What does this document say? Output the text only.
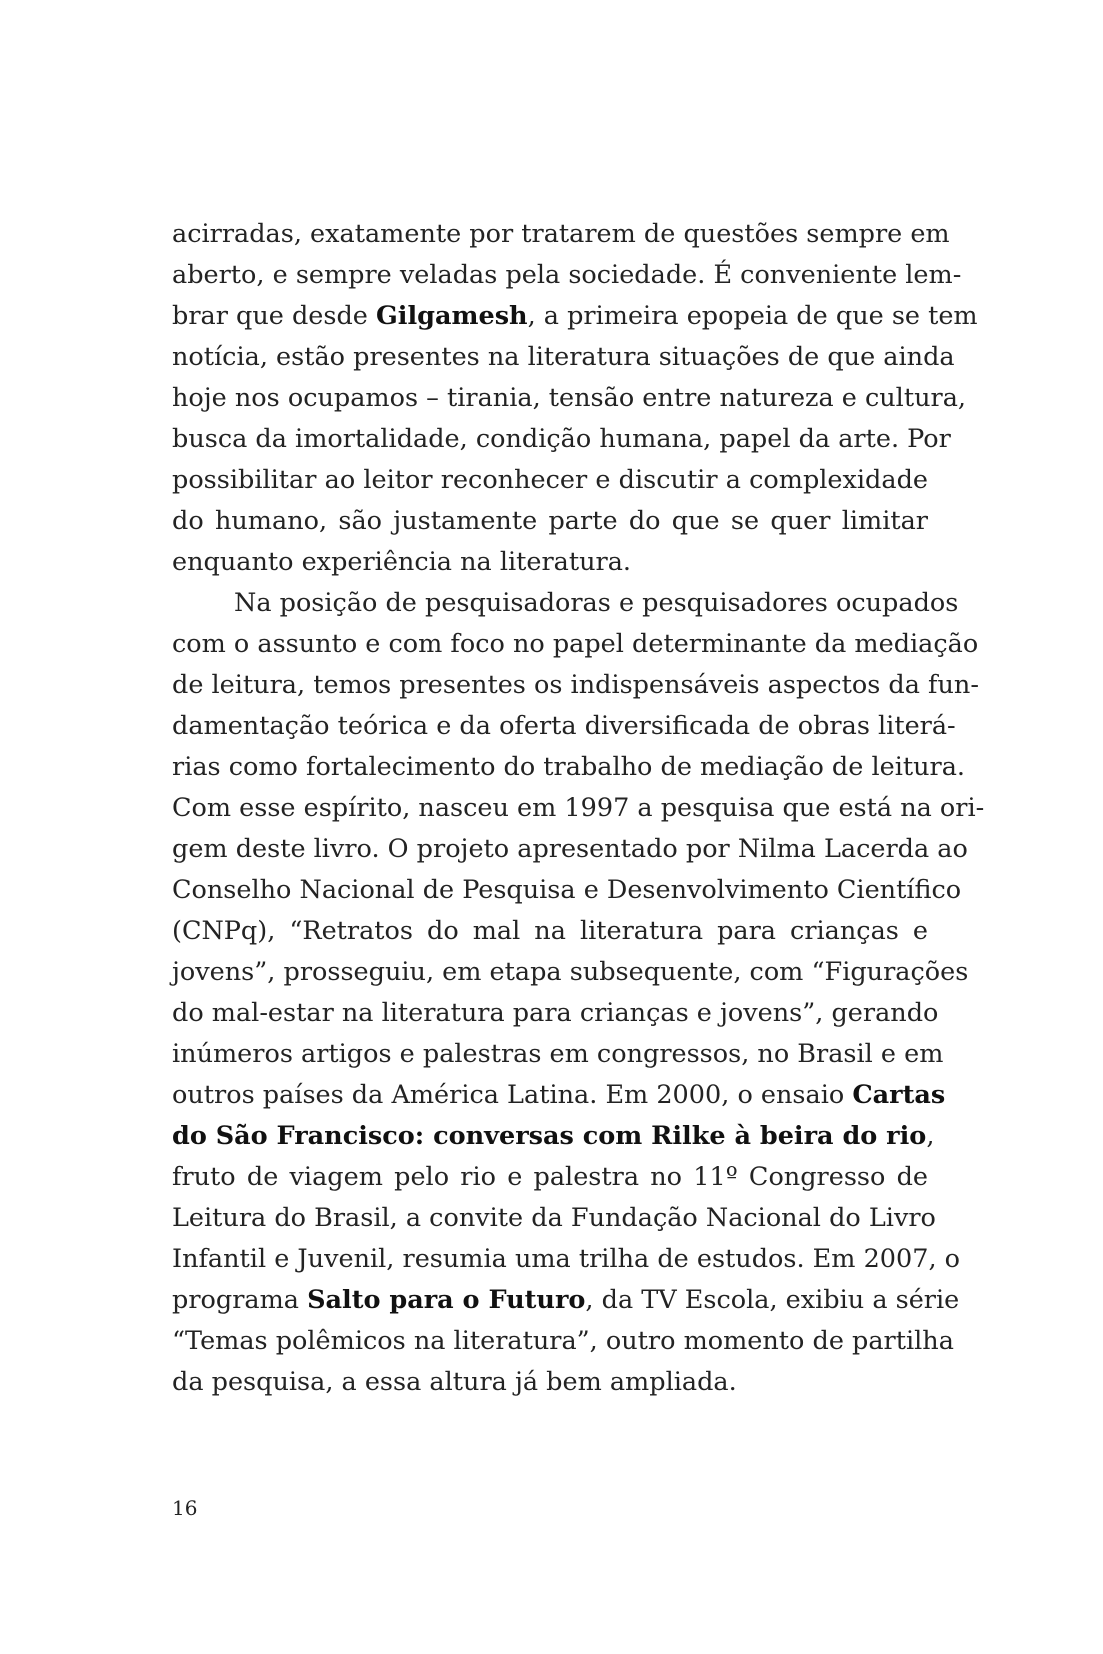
acirradas, exatamente por tratarem de questões sempre em
aberto, e sempre veladas pela sociedade. É conveniente lem-
brar que desde Gilgamesh, a primeira epopeia de que se tem
notícia, estão presentes na literatura situações de que ainda
hoje nos ocupamos – tirania, tensão entre natureza e cultura,
busca da imortalidade, condição humana, papel da arte. Por
possibilitar ao leitor reconhecer e discutir a complexidade
do humano, são justamente parte do que se quer limitar
enquanto experiência na literatura.
Na posição de pesquisadoras e pesquisadores ocupados
com o assunto e com foco no papel determinante da mediação
de leitura, temos presentes os indispensáveis aspectos da fun-
damentação teórica e da oferta diversificada de obras literá-
rias como fortalecimento do trabalho de mediação de leitura.
Com esse espírito, nasceu em 1997 a pesquisa que está na ori-
gem deste livro. O projeto apresentado por Nilma Lacerda ao
Conselho Nacional de Pesquisa e Desenvolvimento Científico
(CNPq), “Retratos do mal na literatura para crianças e
jovens”, prosseguiu, em etapa subsequente, com “Figurações
do mal-estar na literatura para crianças e jovens”, gerando
inúmeros artigos e palestras em congressos, no Brasil e em
outros países da América Latina. Em 2000, o ensaio Cartas
do São Francisco: conversas com Rilke à beira do rio,
fruto de viagem pelo rio e palestra no 11º Congresso de
Leitura do Brasil, a convite da Fundação Nacional do Livro
Infantil e Juvenil, resumia uma trilha de estudos. Em 2007, o
programa Salto para o Futuro, da TV Escola, exibiu a série
“Temas polêmicos na literatura”, outro momento de partilha
da pesquisa, a essa altura já bem ampliada.
16
